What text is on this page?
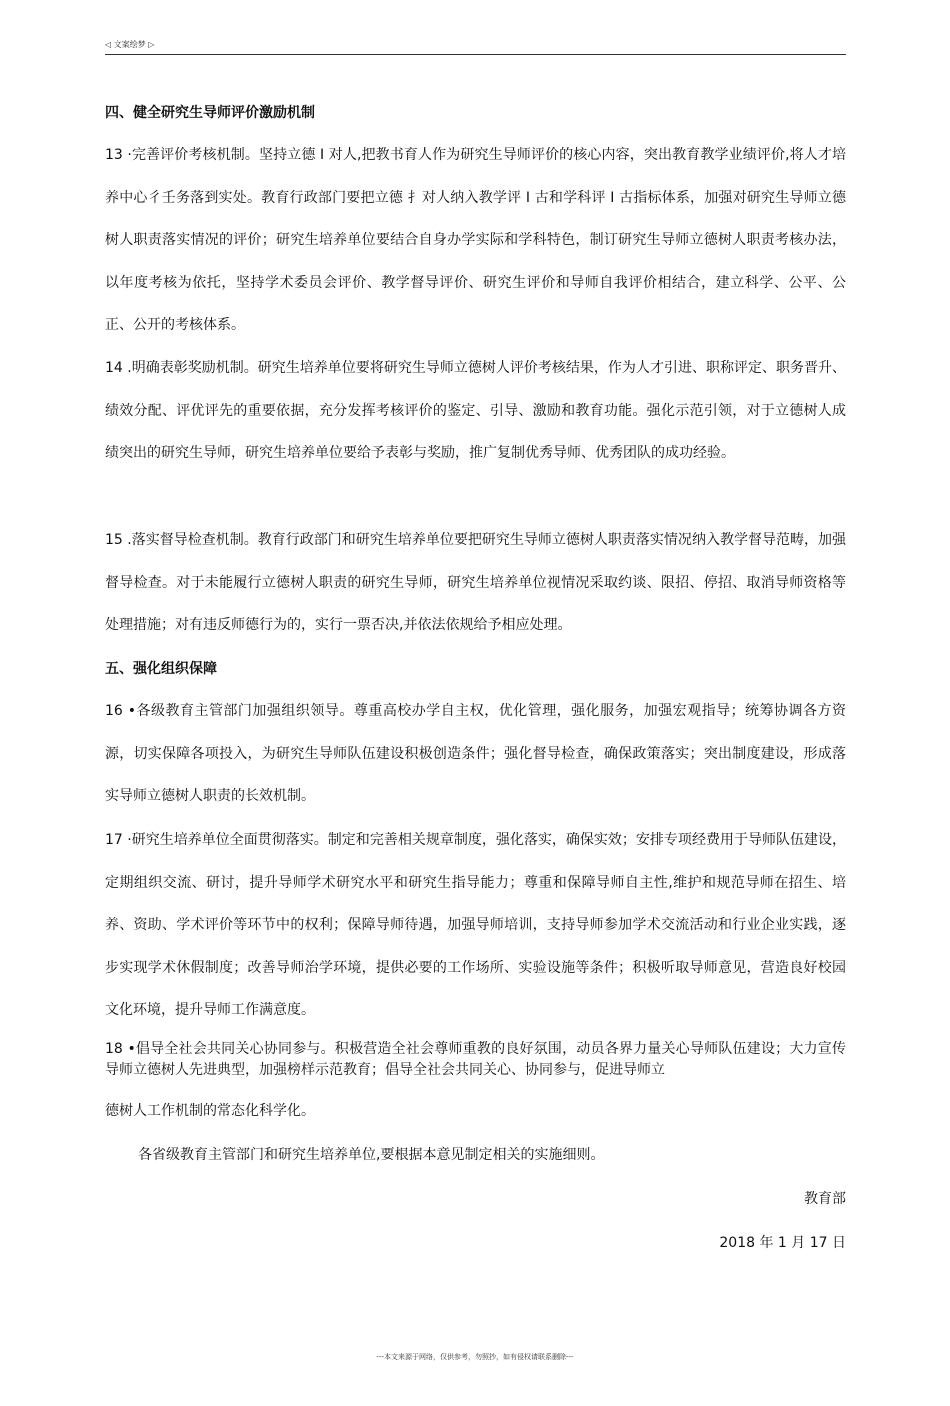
◁ 文案绘梦 ▷
四、健全研究生导师评价激励机制

13 ·完善评价考核机制。坚持立德 I 对人,把教书育人作为研究生导师评价的核心内容，突出教育教学业绩评价,将人才培养中心彳壬务落到实处。教育行政部门要把立德 扌对人纳入教学评 I 古和学科评 I 古指标体系，加强对研究生导师立德树人职责落实情况的评价；研究生培养单位要结合自身办学实际和学科特色，制订研究生导师立德树人职责考核办法，以年度考核为依托，坚持学术委员会评价、教学督导评价、研究生评价和导师自我评价相结合，建立科学、公平、公正、公开的考核体系。

14 .明确表彰奖励机制。研究生培养单位要将研究生导师立德树人评价考核结果，作为人才引进、职称评定、职务晋升、绩效分配、评优评先的重要依据，充分发挥考核评价的鉴定、引导、激励和教育功能。强化示范引领，对于立德树人成绩突出的研究生导师，研究生培养单位要给予表彰与奖励，推广复制优秀导师、优秀团队的成功经验。

15 .落实督导检查机制。教育行政部门和研究生培养单位要把研究生导师立德树人职责落实情况纳入教学督导范畴，加强督导检查。对于未能履行立德树人职责的研究生导师，研究生培养单位视情况采取约谈、限招、停招、取消导师资格等处理措施；对有违反师德行为的，实行一票否决,并依法依规给予相应处理。

五、强化组织保障

16 •各级教育主管部门加强组织领导。尊重高校办学自主权，优化管理，强化服务，加强宏观指导；统筹协调各方资源，切实保障各项投入，为研究生导师队伍建设积极创造条件；强化督导检查，确保政策落实；突出制度建设，形成落实导师立德树人职责的长效机制。

17 ·研究生培养单位全面贯彻落实。制定和完善相关规章制度，强化落实，确保实效；安排专项经费用于导师队伍建设，定期组织交流、研讨，提升导师学术研究水平和研究生指导能力；尊重和保障导师自主性,维护和规范导师在招生、培养、资助、学术评价等环节中的权利；保障导师待遇，加强导师培训，支持导师参加学术交流活动和行业企业实践，逐步实现学术休假制度；改善导师治学环境，提供必要的工作场所、实验设施等条件；积极听取导师意见，营造良好校园文化环境，提升导师工作满意度。

18 •倡导全社会共同关心协同参与。积极营造全社会尊师重教的良好氛围，动员各界力量关心导师队伍建设；大力宣传导师立德树人先进典型，加强榜样示范教育；倡导全社会共同关心、协同参与，促进导师立

德树人工作机制的常态化科学化。

各省级教育主管部门和研究生培养单位,要根据本意见制定相关的实施细则。

教育部

2018 年 1 月 17 日

---本文来源于网络，仅供参考，勿照抄，如有侵权请联系删除---
